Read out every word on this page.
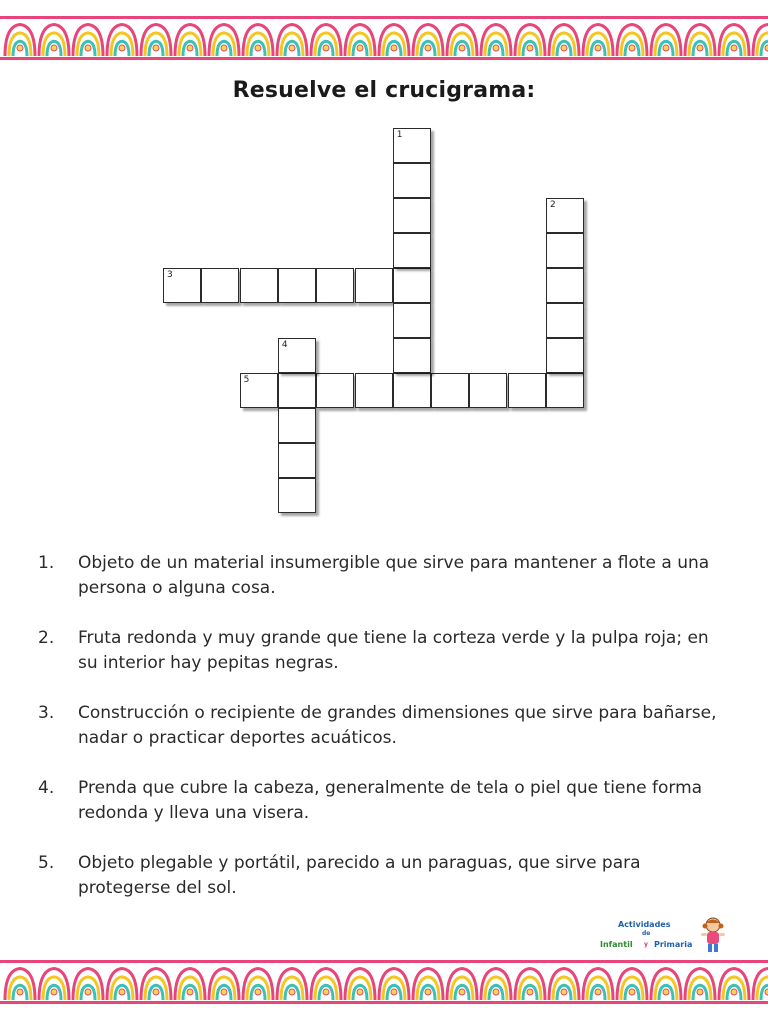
Resuelve el crucigrama:
3
5
1
2
4
1.	Objeto de un material insumergible que sirve para mantener a flote a una persona o alguna cosa.
2.	Fruta redonda y muy grande que tiene la corteza verde y la pulpa roja; en su interior hay pepitas negras.
3.	Construcción o recipiente de grandes dimensiones que sirve para bañarse, nadar o practicar deportes acuáticos.
4.	Prenda que cubre la cabeza, generalmente de tela o piel que tiene forma redonda y lleva una visera.
5.	Objeto plegable y portátil, parecido a un paraguas, que sirve para protegerse del sol.
Actividades
de
Infantil y Primaria
